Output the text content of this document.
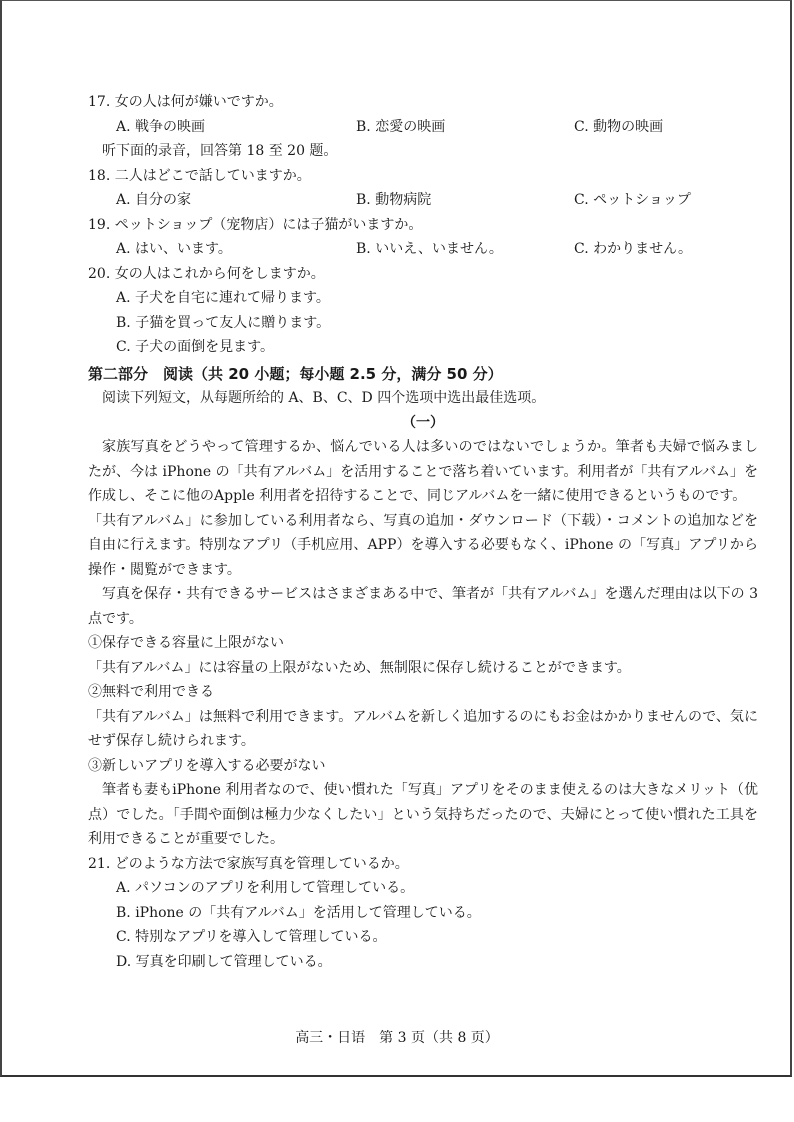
17. 女の人は何が嫌いですか。
A. 戦争の映画	B. 恋愛の映画	C. 動物の映画
听下面的录音，回答第 18 至 20 题。
18. 二人はどこで話していますか。
A. 自分の家	B. 動物病院	C. ペットショップ
19. ペットショップ（宠物店）には子猫がいますか。
A. はい、います。	B. いいえ、いません。	C. わかりません。
20. 女の人はこれから何をしますか。
A. 子犬を自宅に連れて帰ります。
B. 子猫を買って友人に贈ります。
C. 子犬の面倒を見ます。
第二部分　阅读（共 20 小题；每小题 2.5 分，满分 50 分）
阅读下列短文，从每题所给的 A、B、C、D 四个选项中选出最佳选项。
（一）
家族写真をどうやって管理するか、悩んでいる人は多いのではないでしょうか。筆者も夫婦で悩みましたが、今は iPhone の「共有アルバム」を活用することで落ち着いています。利用者が「共有アルバム」を作成し、そこに他のApple 利用者を招待することで、同じアルバムを一緒に使用できるというものです。
「共有アルバム」に参加している利用者なら、写真の追加・ダウンロード（下载）・コメントの追加などを自由に行えます。特別なアプリ（手机应用、APP）を導入する必要もなく、iPhone の「写真」アプリから操作・閲覧ができます。
写真を保存・共有できるサービスはさまざまある中で、筆者が「共有アルバム」を選んだ理由は以下の 3 点です。
①保存できる容量に上限がない
「共有アルバム」には容量の上限がないため、無制限に保存し続けることができます。
②無料で利用できる
「共有アルバム」は無料で利用できます。アルバムを新しく追加するのにもお金はかかりませんので、気にせず保存し続けられます。
③新しいアプリを導入する必要がない
筆者も妻もiPhone 利用者なので、使い慣れた「写真」アプリをそのまま使えるのは大きなメリット（优点）でした。「手間や面倒は極力少なくしたい」という気持ちだったので、夫婦にとって使い慣れた工具を利用できることが重要でした。
21. どのような方法で家族写真を管理しているか。
A. パソコンのアプリを利用して管理している。
B. iPhone の「共有アルバム」を活用して管理している。
C. 特別なアプリを導入して管理している。
D. 写真を印刷して管理している。
高三・日语　第 3 页（共 8 页）
